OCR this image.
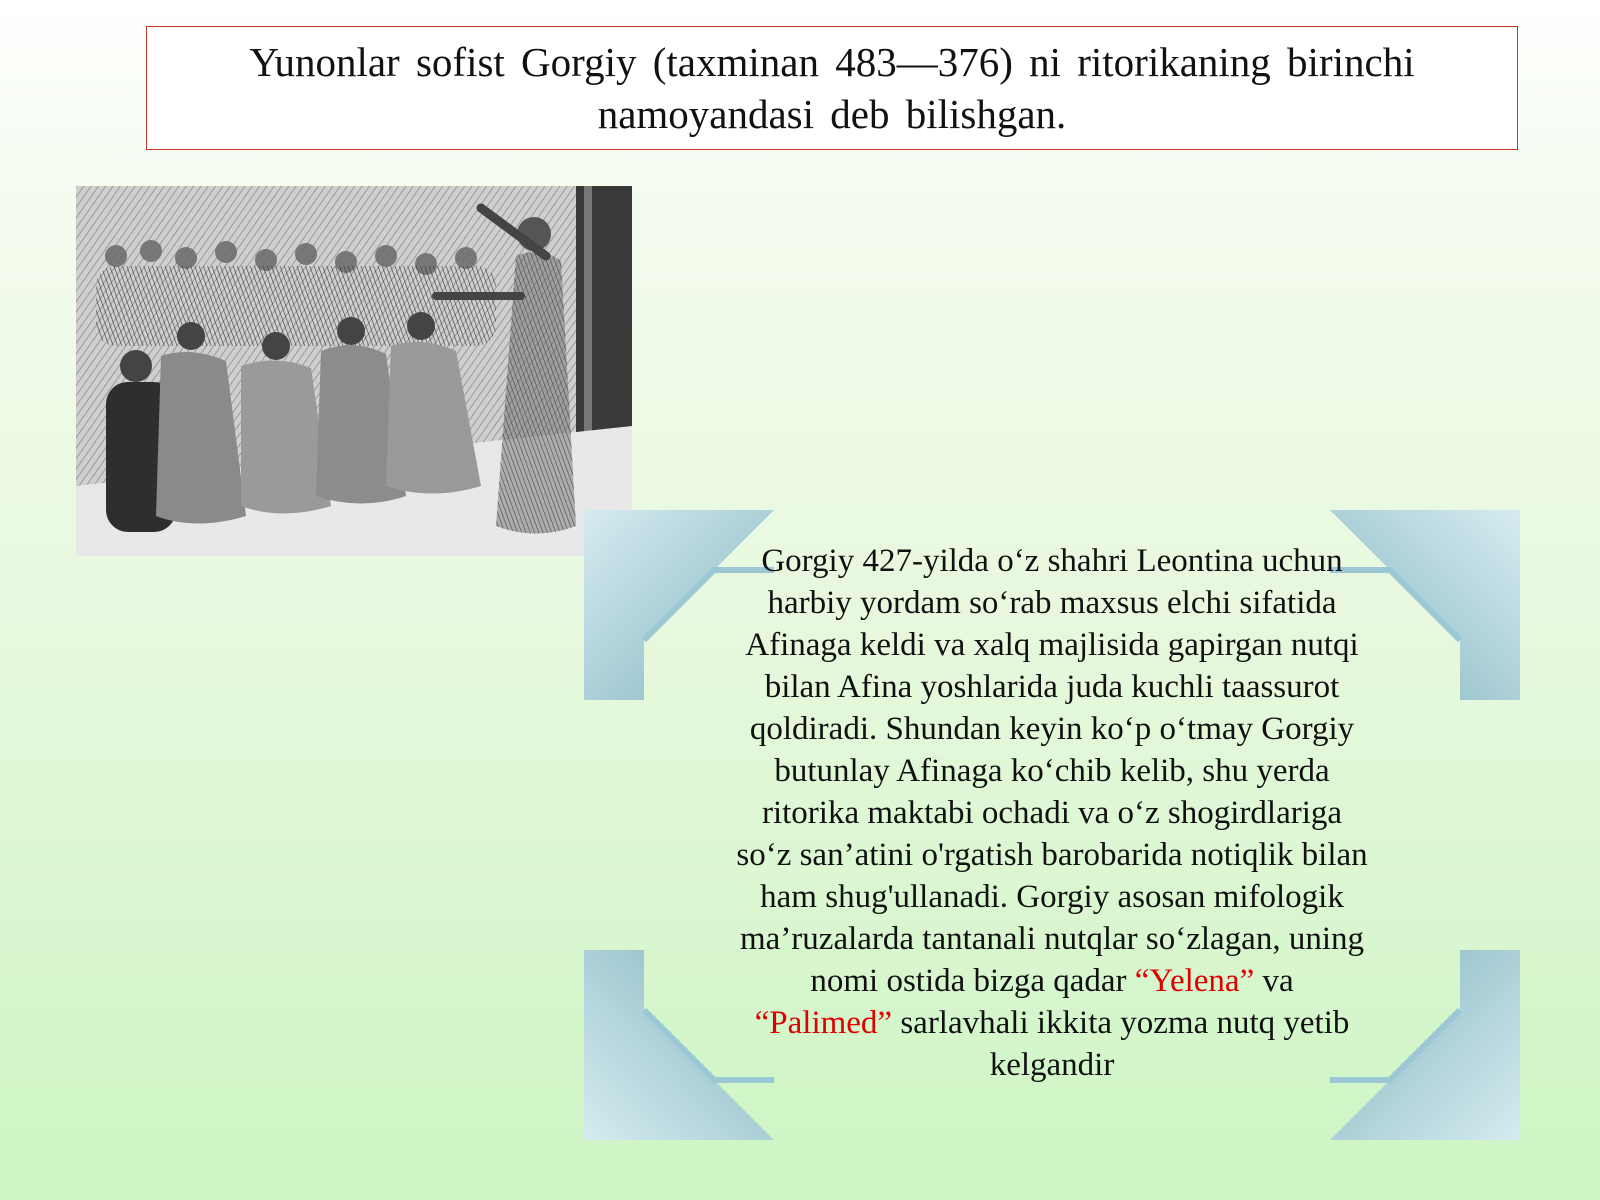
Yunonlar sofist Gorgiy (taxminan 483—376) ni ritorikaning birinchi
namoyandasi deb bilishgan.
Gorgiy 427-yilda o‘z shahri Leontina uchun
harbiy yordam so‘rab maxsus elchi sifatida
Afinaga keldi va xalq majlisida gapirgan nutqi
bilan Afina yoshlarida juda kuchli taassurot
qoldiradi. Shundan keyin ko‘p o‘tmay Gorgiy
butunlay Afinaga ko‘chib kelib, shu yerda
ritorika maktabi ochadi va o‘z shogirdlariga
so‘z san’atini o'rgatish barobarida notiqlik bilan
ham shug'ullanadi. Gorgiy asosan mifologik
ma’ruzalarda tantanali nutqlar so‘zlagan, uning
nomi ostida bizga qadar “Yelena” va
“Palimed” sarlavhali ikkita yozma nutq yetib
kelgandir
